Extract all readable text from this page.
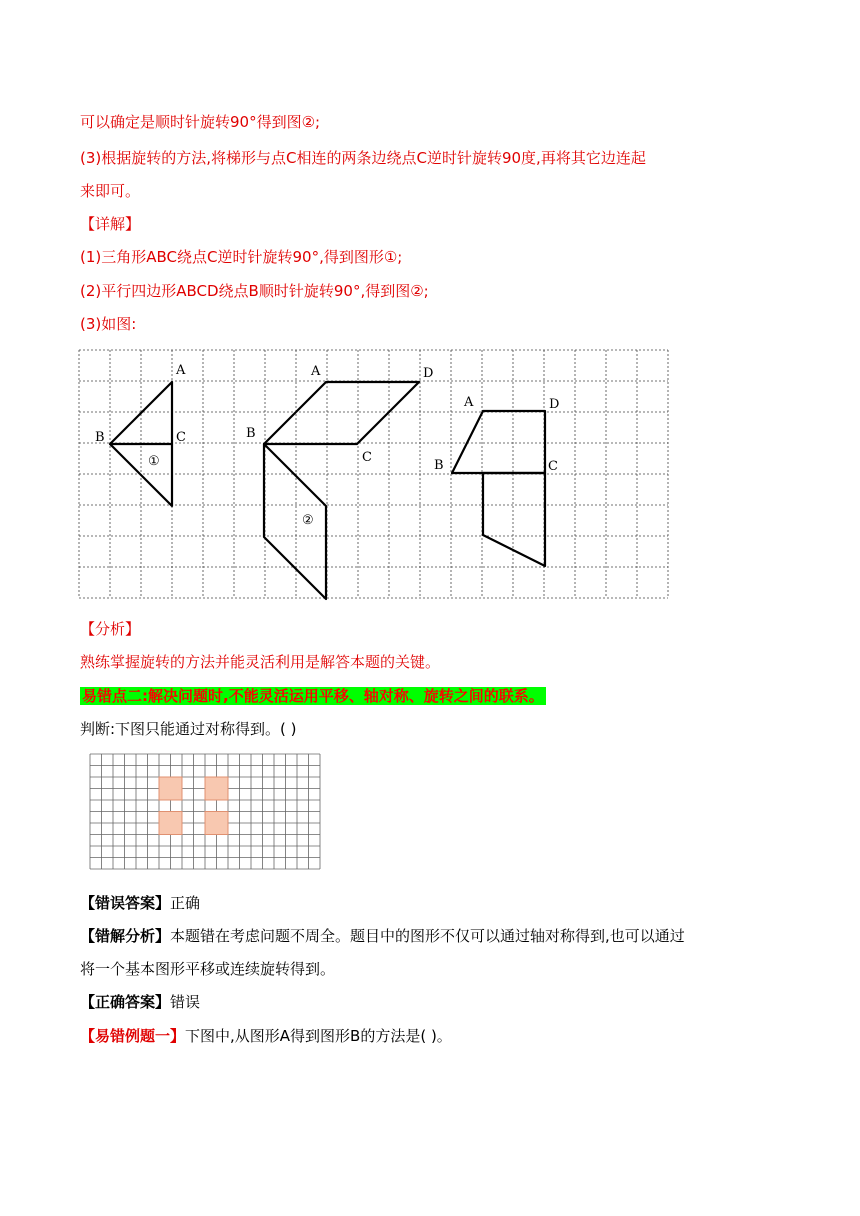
可以确定是顺时针旋转90°得到图②;
(3)根据旋转的方法,将梯形与点C相连的两条边绕点C逆时针旋转90度,再将其它边连起
来即可。
【详解】
(1)三角形ABC绕点C逆时针旋转90°,得到图形①;
(2)平行四边形ABCD绕点B顺时针旋转90°,得到图②;
(3)如图:
A
B	C
①
A	D
B
C
②
A	D
B	C
【分析】
熟练掌握旋转的方法并能灵活利用是解答本题的关键。
易错点二:解决问题时,不能灵活运用平移、轴对称、旋转之间的联系。
判断:下图只能通过对称得到。( )
【错误答案】正确
【错解分析】本题错在考虑问题不周全。题目中的图形不仅可以通过轴对称得到,也可以通过
将一个基本图形平移或连续旋转得到。
【正确答案】错误
【易错例题一】下图中,从图形A得到图形B的方法是( )。
